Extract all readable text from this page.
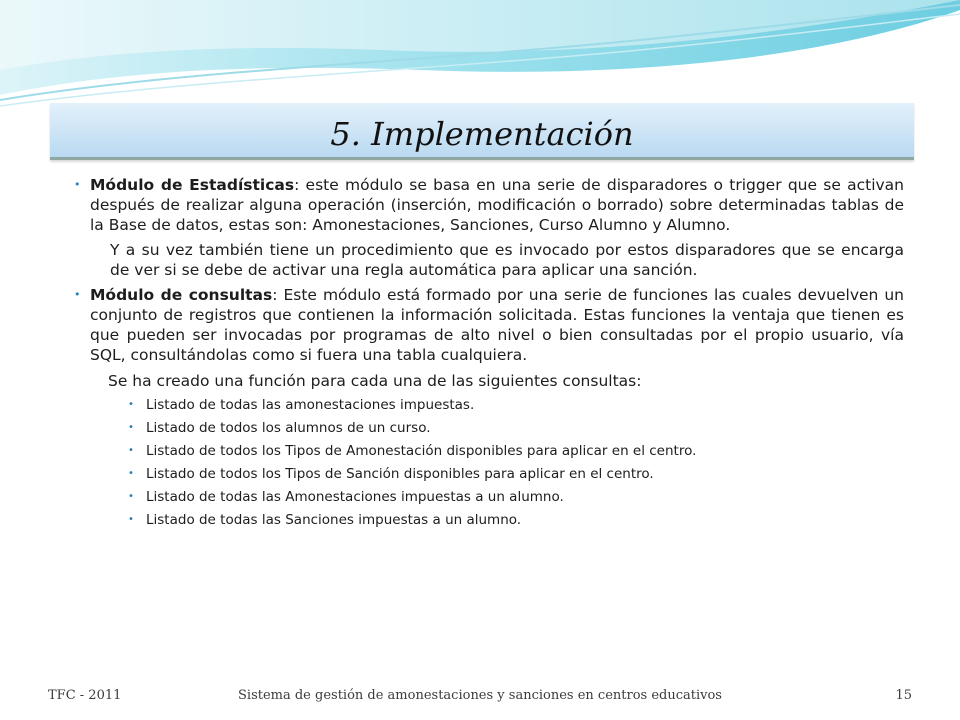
5. Implementación

• Módulo de Estadísticas: este módulo se basa en una serie de disparadores o trigger que se activan después de realizar alguna operación (inserción, modificación o borrado) sobre determinadas tablas de la Base de datos, estas son: Amonestaciones, Sanciones, Curso Alumno y Alumno.

Y a su vez también tiene un procedimiento que es invocado por estos disparadores que se encarga de ver si se debe de activar una regla automática para aplicar una sanción.

• Módulo de consultas: Este módulo está formado por una serie de funciones las cuales devuelven un conjunto de registros que contienen la información solicitada. Estas funciones la ventaja que tienen es que pueden ser invocadas por programas de alto nivel o bien consultadas por el propio usuario, vía SQL, consultándolas como si fuera una tabla cualquiera.

Se ha creado una función para cada una de las siguientes consultas:

• Listado de todas las amonestaciones impuestas.
• Listado de todos los alumnos de un curso.
• Listado de todos los Tipos de Amonestación disponibles para aplicar en el centro.
• Listado de todos los Tipos de Sanción disponibles para aplicar en el centro.
• Listado de todas las Amonestaciones impuestas a un alumno.
• Listado de todas las Sanciones impuestas a un alumno.
TFC - 2011	Sistema de gestión de amonestaciones y sanciones en centros educativos	15
